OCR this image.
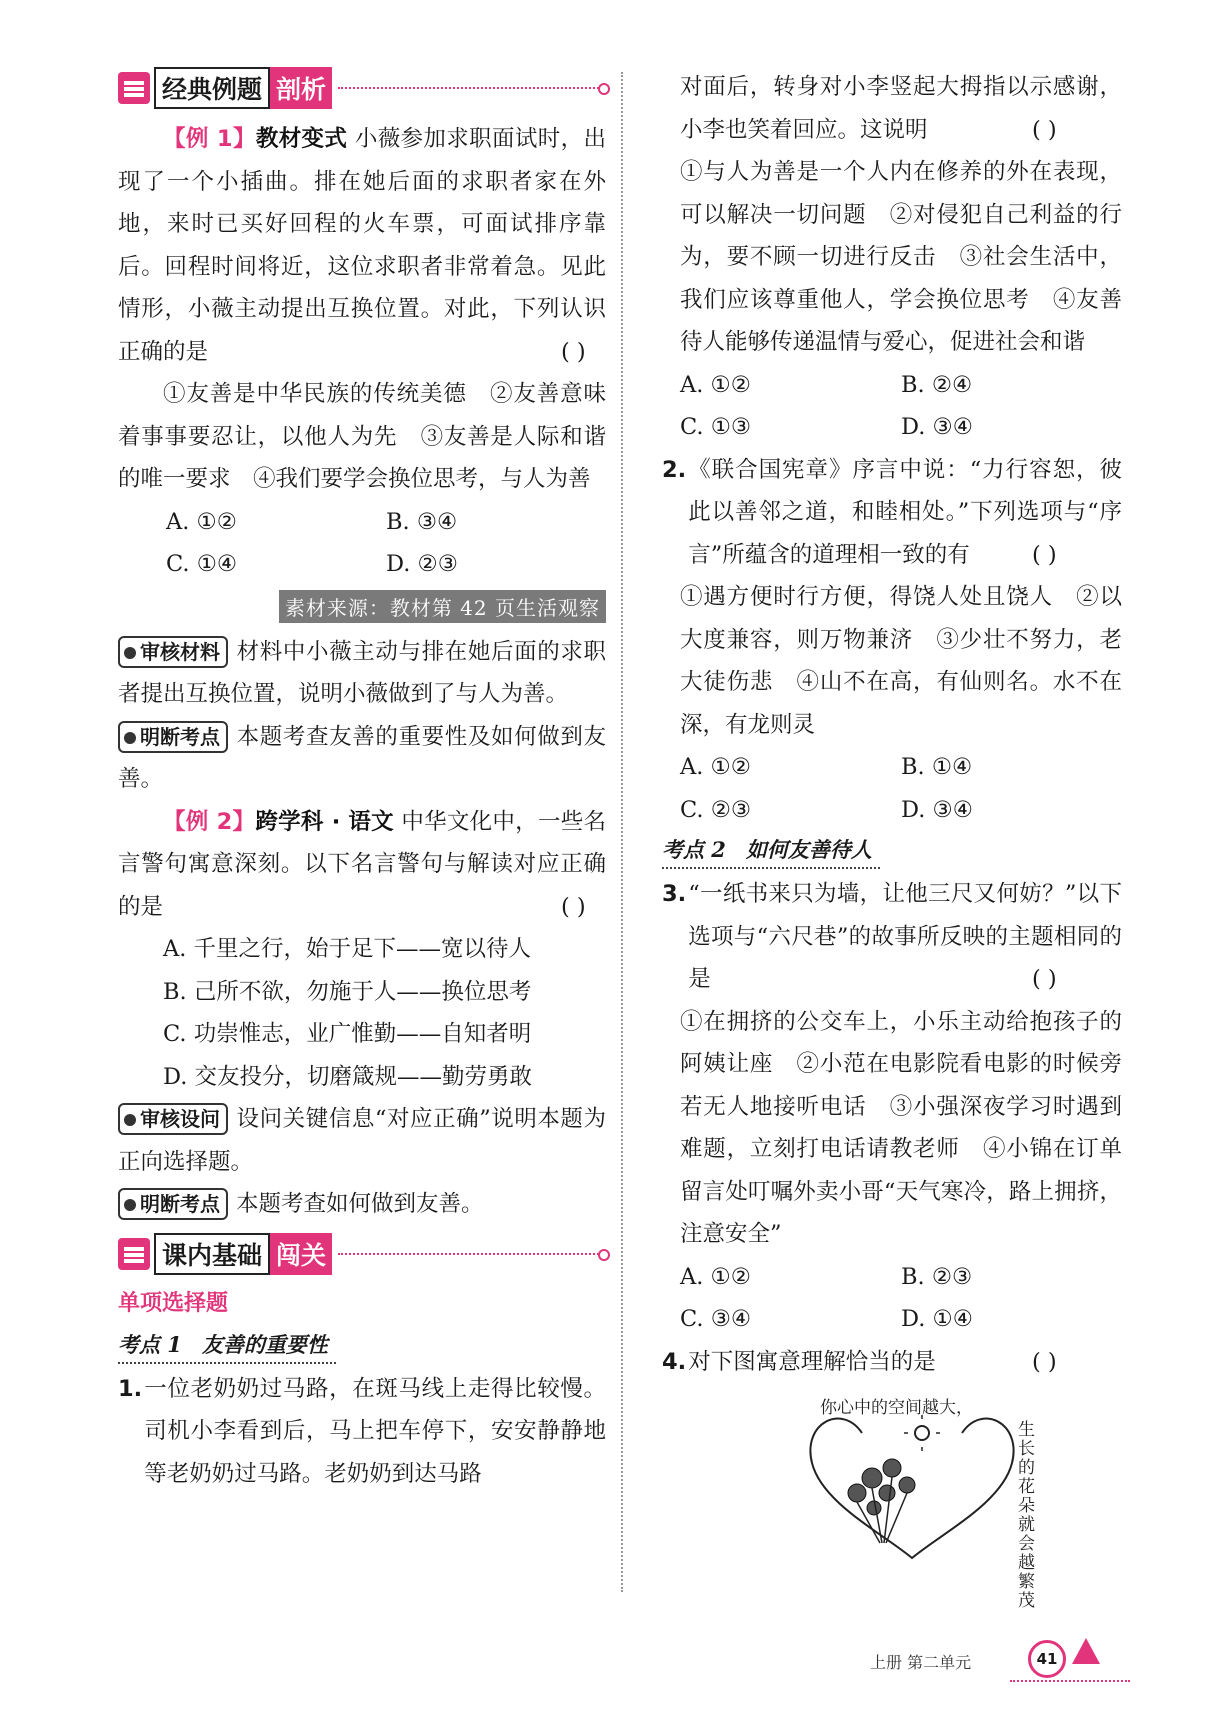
经典例题 剖析

【例 1】教材变式 小薇参加求职面试时，出现了一个小插曲。排在她后面的求职者家在外地，来时已买好回程的火车票，可面试排序靠后。回程时间将近，这位求职者非常着急。见此情形，小薇主动提出互换位置。对此，下列认识正确的是	( )

①友善是中华民族的传统美德　②友善意味着事事要忍让，以他人为先　③友善是人际和谐的唯一要求　④我们要学会换位思考，与人为善

A. ①②	B. ③④
C. ①④	D. ②③
素材来源：教材第 42 页生活观察

审核材料 材料中小薇主动与排在她后面的求职者提出互换位置，说明小薇做到了与人为善。

明断考点 本题考查友善的重要性及如何做到友善。

【例 2】跨学科 · 语文 中华文化中，一些名言警句寓意深刻。以下名言警句与解读对应正确的是	( )

A. 千里之行，始于足下——宽以待人
B. 己所不欲，勿施于人——换位思考
C. 功崇惟志，业广惟勤——自知者明
D. 交友投分，切磨箴规——勤劳勇敢

审核设问 设问关键信息“对应正确”说明本题为正向选择题。

明断考点 本题考查如何做到友善。

课内基础 闯关
单项选择题
考点 1 友善的重要性
1. 一位老奶奶过马路，在斑马线上走得比较慢。司机小李看到后，马上把车停下，安安静静地等老奶奶过马路。老奶奶到达马路

对面后，转身对小李竖起大拇指以示感谢，小李也笑着回应。这说明	( )

①与人为善是一个人内在修养的外在表现，可以解决一切问题　②对侵犯自己利益的行为，要不顾一切进行反击　③社会生活中，我们应该尊重他人，学会换位思考　④友善待人能够传递温情与爱心，促进社会和谐

A. ①②	B. ②④
C. ①③	D. ③④
2. 《联合国宪章》序言中说：“力行容恕，彼此以善邻之道，和睦相处。”下列选项与“序言”所蕴含的道理相一致的有	( )

①遇方便时行方便，得饶人处且饶人　②以大度兼容，则万物兼济　③少壮不努力，老大徒伤悲　④山不在高，有仙则名。水不在深，有龙则灵

A. ①②	B. ①④
C. ②③	D. ③④
考点 2 如何友善待人
3. “一纸书来只为墙，让他三尺又何妨？”以下选项与“六尺巷”的故事所反映的主题相同的是	( )

①在拥挤的公交车上，小乐主动给抱孩子的阿姨让座　②小范在电影院看电影的时候旁若无人地接听电话　③小强深夜学习时遇到难题，立刻打电话请教老师　④小锦在订单留言处叮嘱外卖小哥“天气寒冷，路上拥挤，注意安全”

A. ①②	B. ②③
C. ③④	D. ①④
4. 对下图寓意理解恰当的是	( )
你心中的空间越大，
生长的花朵就会越繁茂
上册 第二单元	41
